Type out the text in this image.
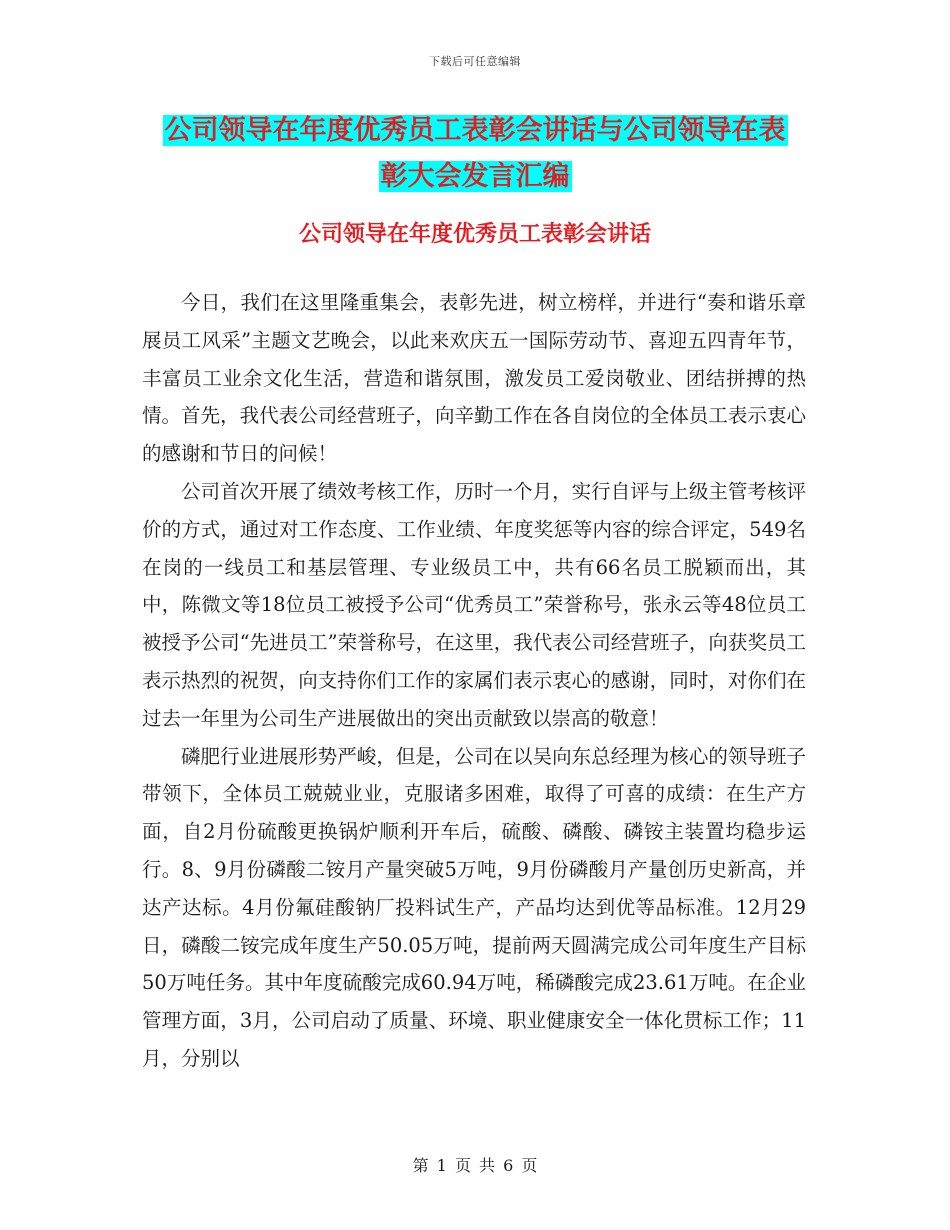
下载后可任意编辑
公司领导在年度优秀员工表彰会讲话与公司领导在表
彰大会发言汇编
公司领导在年度优秀员工表彰会讲话

今日，我们在这里隆重集会，表彰先进，树立榜样，并进行“奏和谐乐章展员工风采”主题文艺晚会，以此来欢庆五一国际劳动节、喜迎五四青年节，丰富员工业余文化生活，营造和谐氛围，激发员工爱岗敬业、团结拼搏的热情。首先，我代表公司经营班子，向辛勤工作在各自岗位的全体员工表示衷心的感谢和节日的问候！

公司首次开展了绩效考核工作，历时一个月，实行自评与上级主管考核评价的方式，通过对工作态度、工作业绩、年度奖惩等内容的综合评定，549名在岗的一线员工和基层管理、专业级员工中，共有66名员工脱颖而出，其中，陈微文等18位员工被授予公司“优秀员工”荣誉称号，张永云等48位员工被授予公司“先进员工”荣誉称号，在这里，我代表公司经营班子，向获奖员工表示热烈的祝贺，向支持你们工作的家属们表示衷心的感谢，同时，对你们在过去一年里为公司生产进展做出的突出贡献致以崇高的敬意！

磷肥行业进展形势严峻，但是，公司在以吴向东总经理为核心的领导班子带领下，全体员工兢兢业业，克服诸多困难，取得了可喜的成绩：在生产方面，自2月份硫酸更换锅炉顺利开车后，硫酸、磷酸、磷铵主装置均稳步运行。8、9月份磷酸二铵月产量突破5万吨，9月份磷酸月产量创历史新高，并达产达标。4月份氟硅酸钠厂投料试生产，产品均达到优等品标准。12月29日，磷酸二铵完成年度生产50.05万吨，提前两天圆满完成公司年度生产目标50万吨任务。其中年度硫酸完成60.94万吨，稀磷酸完成23.61万吨。在企业管理方面，3月，公司启动了质量、环境、职业健康安全一体化贯标工作；11月，分别以

第 1 页 共 6 页
